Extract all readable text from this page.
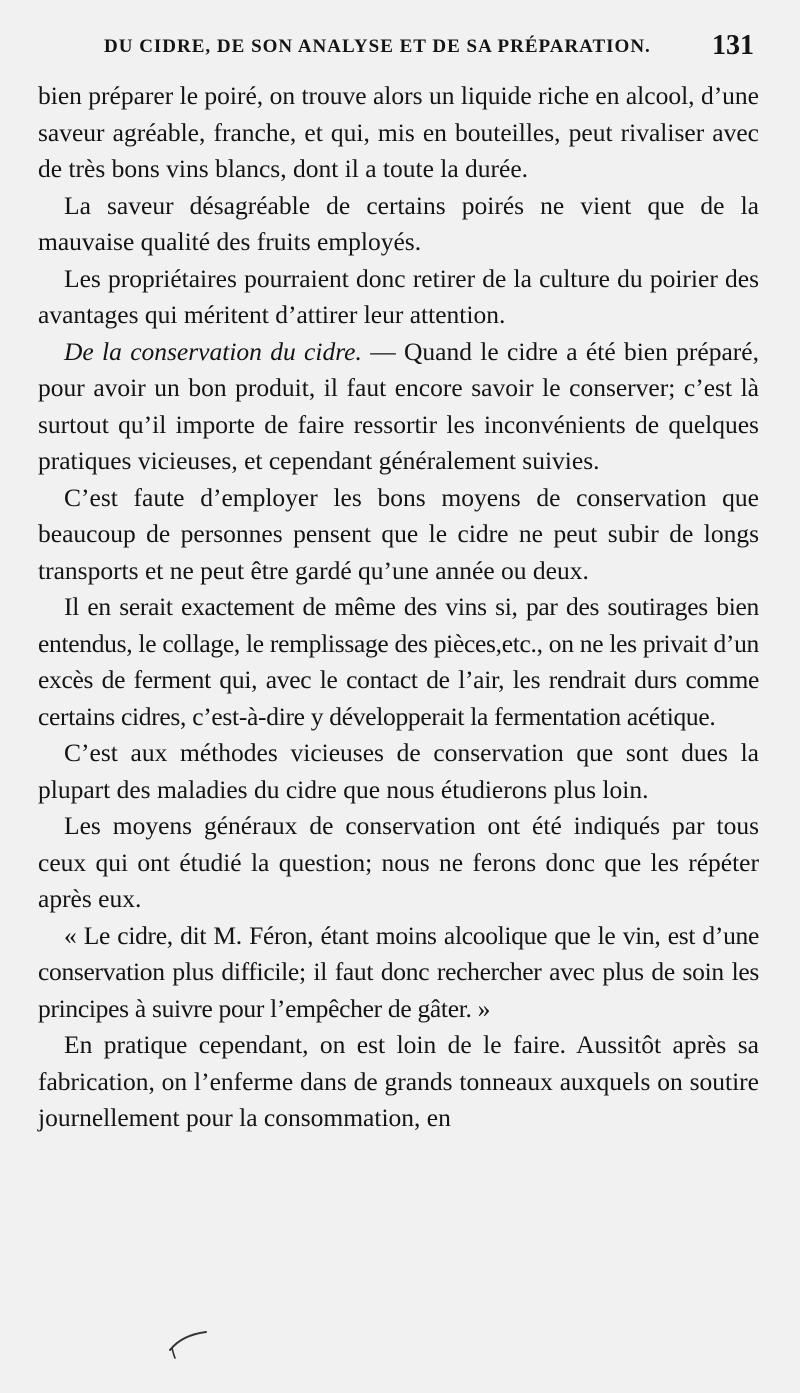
DU CIDRE, DE SON ANALYSE ET DE SA PRÉPARATION. 131

bien préparer le poiré, on trouve alors un liquide riche en alcool, d’une saveur agréable, franche, et qui, mis en bouteilles, peut rivaliser avec de très bons vins blancs, dont il a toute la durée.

La saveur désagréable de certains poirés ne vient que de la mauvaise qualité des fruits employés.

Les propriétaires pourraient donc retirer de la culture du poirier des avantages qui méritent d’attirer leur attention.

De la conservation du cidre. — Quand le cidre a été bien préparé, pour avoir un bon produit, il faut encore savoir le conserver; c’est là surtout qu’il importe de faire ressortir les inconvénients de quelques pratiques vicieuses, et cependant généralement suivies.

C’est faute d’employer les bons moyens de conservation que beaucoup de personnes pensent que le cidre ne peut subir de longs transports et ne peut être gardé qu’une année ou deux.

Il en serait exactement de même des vins si, par des soutirages bien entendus, le collage, le remplissage des pièces,etc., on ne les privait d’un excès de ferment qui, avec le contact de l’air, les rendrait durs comme certains cidres, c’est-à-dire y développerait la fermentation acétique.

C’est aux méthodes vicieuses de conservation que sont dues la plupart des maladies du cidre que nous étudierons plus loin.

Les moyens généraux de conservation ont été indiqués par tous ceux qui ont étudié la question; nous ne ferons donc que les répéter après eux.

« Le cidre, dit M. Féron, étant moins alcoolique que le vin, est d’une conservation plus difficile; il faut donc rechercher avec plus de soin les principes à suivre pour l’empêcher de gâter. »

En pratique cependant, on est loin de le faire. Aussitôt après sa fabrication, on l’enferme dans de grands tonneaux auxquels on soutire journellement pour la consommation, en
